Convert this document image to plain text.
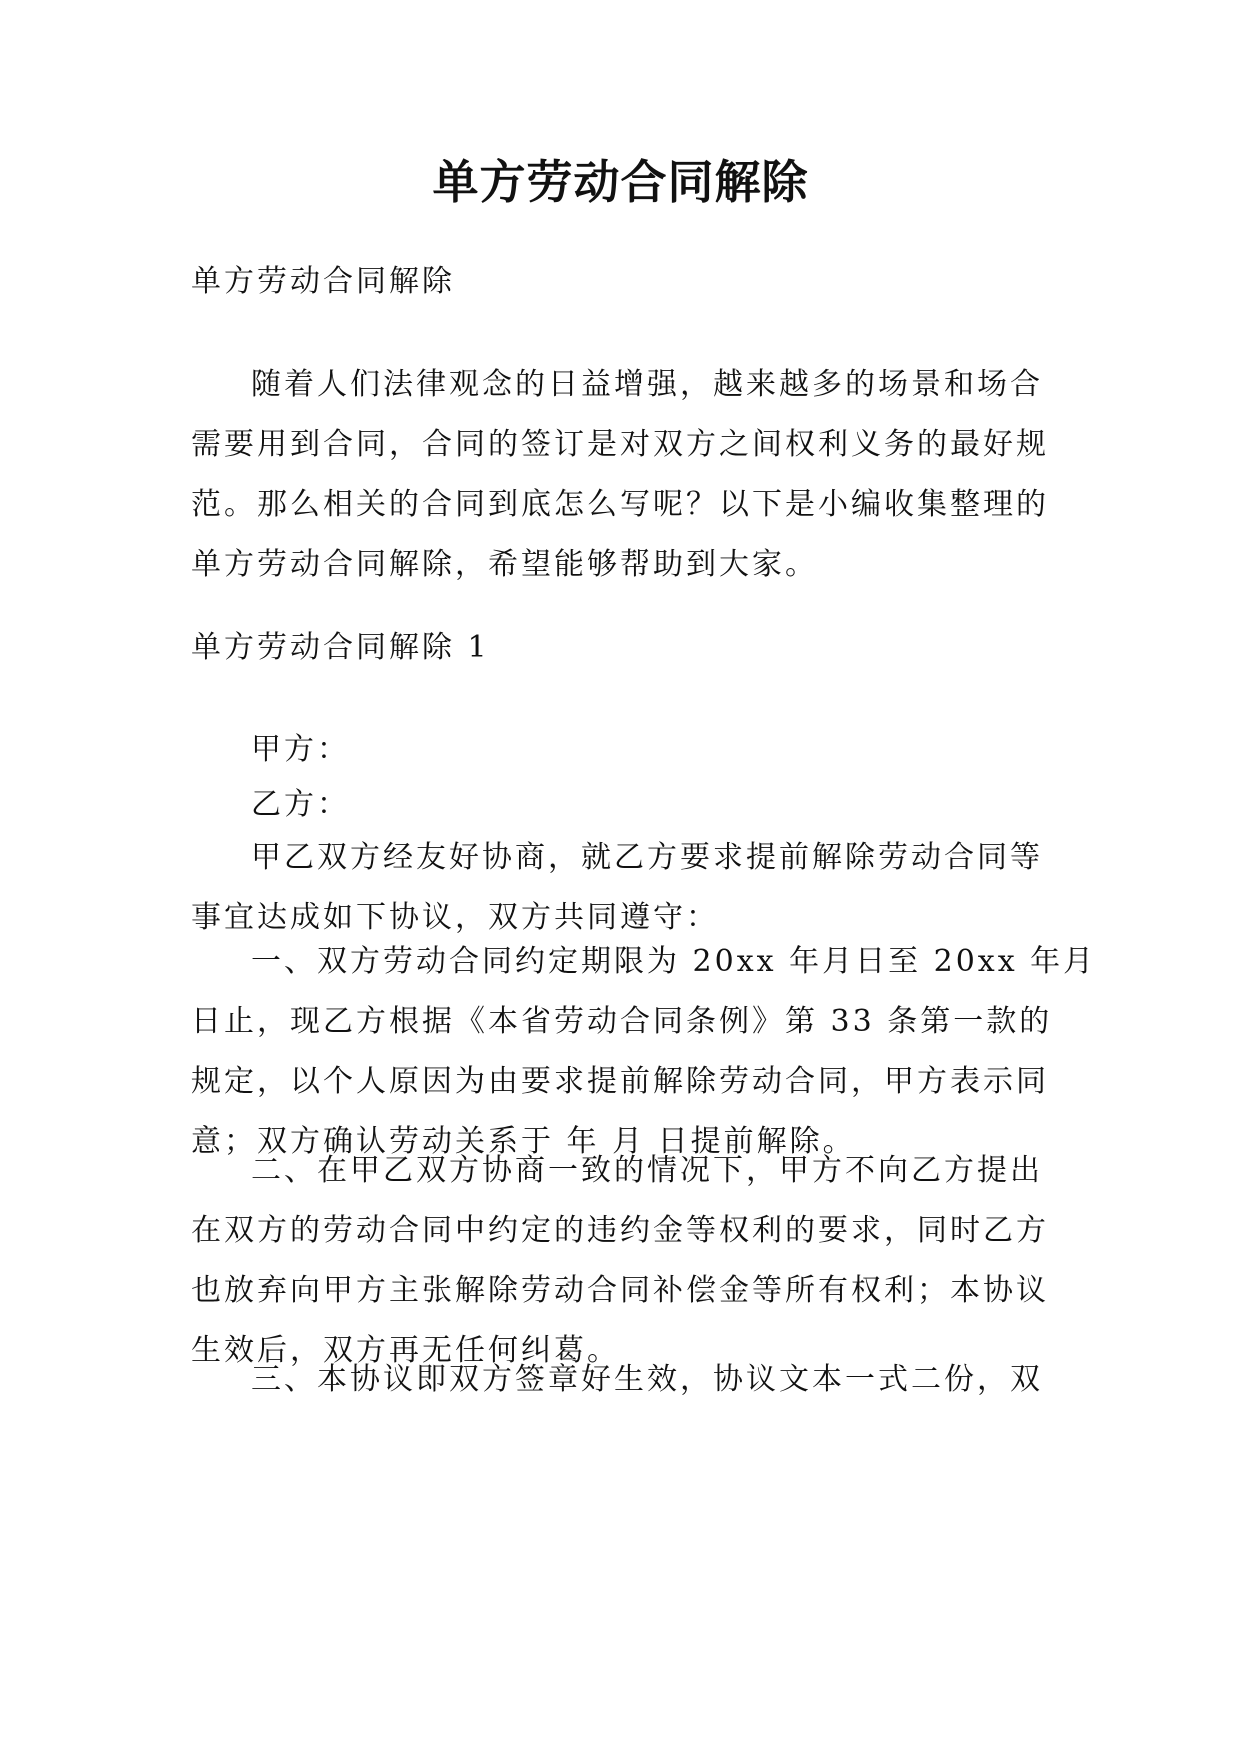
单方劳动合同解除

单方劳动合同解除

随着人们法律观念的日益增强，越来越多的场景和场合
需要用到合同，合同的签订是对双方之间权利义务的最好规
范。那么相关的合同到底怎么写呢？以下是小编收集整理的
单方劳动合同解除，希望能够帮助到大家。

单方劳动合同解除 1

甲方：

乙方：

甲乙双方经友好协商，就乙方要求提前解除劳动合同等
事宜达成如下协议，双方共同遵守：
一、双方劳动合同约定期限为 20xx 年月日至 20xx 年月
日止，现乙方根据《本省劳动合同条例》第 33 条第一款的
规定，以个人原因为由要求提前解除劳动合同，甲方表示同
意；双方确认劳动关系于 年 月 日提前解除。
二、在甲乙双方协商一致的情况下，甲方不向乙方提出
在双方的劳动合同中约定的违约金等权利的要求，同时乙方
也放弃向甲方主张解除劳动合同补偿金等所有权利；本协议
生效后，双方再无任何纠葛。
三、本协议即双方签章好生效，协议文本一式二份，双
